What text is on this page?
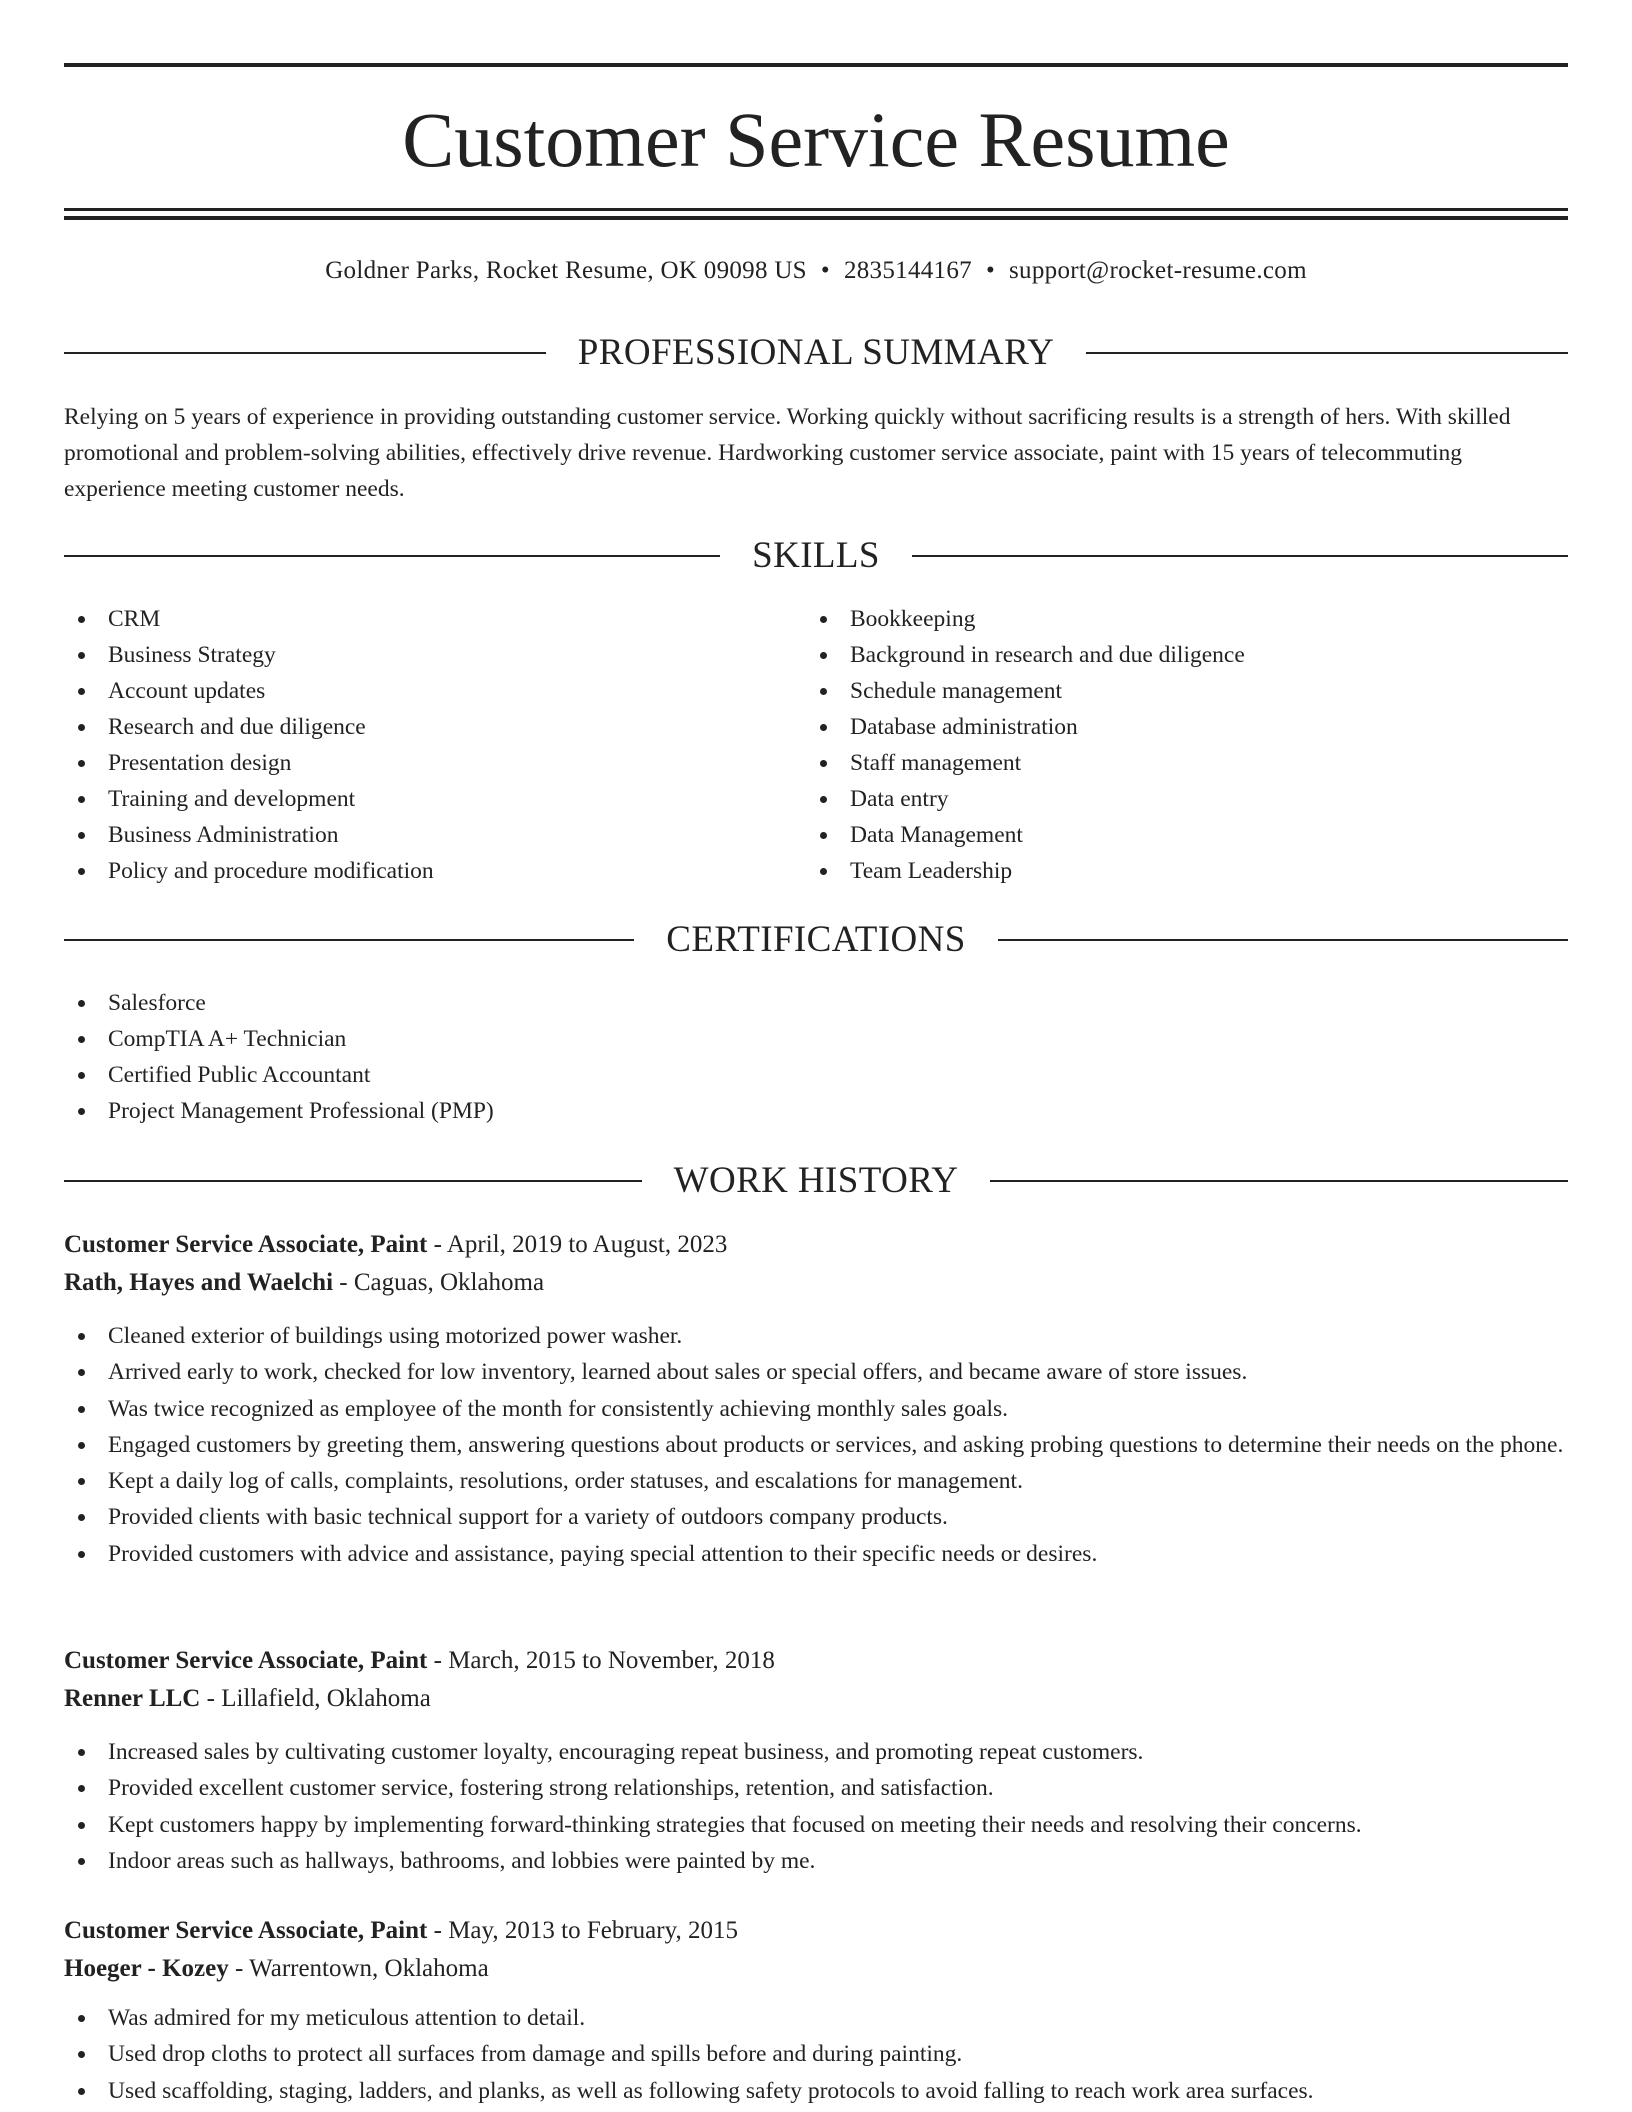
Customer Service Resume
Goldner Parks, Rocket Resume, OK 09098 US • 2835144167 • support@rocket-resume.com
PROFESSIONAL SUMMARY

Relying on 5 years of experience in providing outstanding customer service. Working quickly without sacrificing results is a strength of hers. With skilled promotional and problem-solving abilities, effectively drive revenue. Hardworking customer service associate, paint with 15 years of telecommuting experience meeting customer needs.

SKILLS
CRM
Business Strategy
Account updates
Research and due diligence
Presentation design
Training and development
Business Administration
Policy and procedure modification
Bookkeeping
Background in research and due diligence
Schedule management
Database administration
Staff management
Data entry
Data Management
Team Leadership
CERTIFICATIONS
Salesforce
CompTIA A+ Technician
Certified Public Accountant
Project Management Professional (PMP)
WORK HISTORY
Customer Service Associate, Paint - April, 2019 to August, 2023
Rath, Hayes and Waelchi - Caguas, Oklahoma
Cleaned exterior of buildings using motorized power washer.
Arrived early to work, checked for low inventory, learned about sales or special offers, and became aware of store issues.
Was twice recognized as employee of the month for consistently achieving monthly sales goals.
Engaged customers by greeting them, answering questions about products or services, and asking probing questions to determine their needs on the phone.
Kept a daily log of calls, complaints, resolutions, order statuses, and escalations for management.
Provided clients with basic technical support for a variety of outdoors company products.
Provided customers with advice and assistance, paying special attention to their specific needs or desires.
Customer Service Associate, Paint - March, 2015 to November, 2018
Renner LLC - Lillafield, Oklahoma
Increased sales by cultivating customer loyalty, encouraging repeat business, and promoting repeat customers.
Provided excellent customer service, fostering strong relationships, retention, and satisfaction.
Kept customers happy by implementing forward-thinking strategies that focused on meeting their needs and resolving their concerns.
Indoor areas such as hallways, bathrooms, and lobbies were painted by me.
Customer Service Associate, Paint - May, 2013 to February, 2015
Hoeger - Kozey - Warrentown, Oklahoma
Was admired for my meticulous attention to detail.
Used drop cloths to protect all surfaces from damage and spills before and during painting.
Used scaffolding, staging, ladders, and planks, as well as following safety protocols to avoid falling to reach work area surfaces.
